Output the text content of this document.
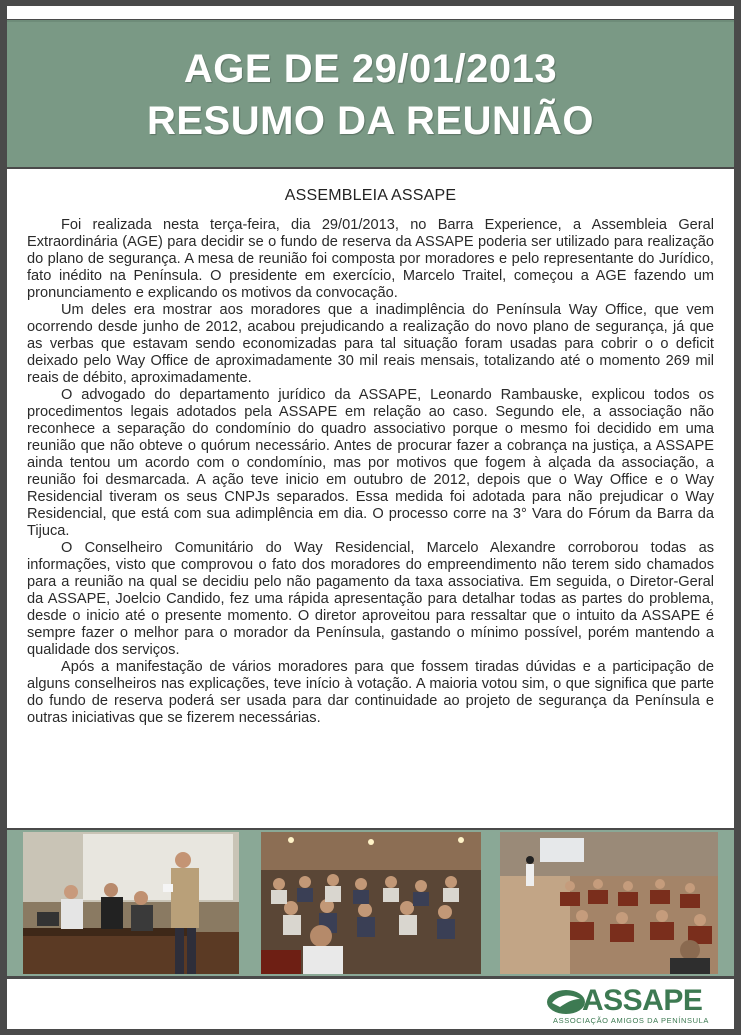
AGE DE 29/01/2013
RESUMO DA REUNIÃO
ASSEMBLEIA ASSAPE

Foi realizada nesta terça-feira, dia 29/01/2013, no Barra Experience, a Assembleia Geral Extraordinária (AGE) para decidir se o fundo de reserva da ASSAPE poderia ser utilizado para realização do plano de segurança. A mesa de reunião foi composta por moradores e pelo representante do Jurídico, fato inédito na Península. O presidente em exercício, Marcelo Traitel, começou a AGE fazendo um pronunciamento e explicando os motivos da convocação.

Um deles era mostrar aos moradores que a inadimplência do Península Way Office, que vem ocorrendo desde junho de 2012, acabou prejudicando a realização do novo plano de segurança, já que as verbas que estavam sendo economizadas para tal situação foram usadas para cobrir o o deficit deixado pelo Way Office de aproximadamente 30 mil reais mensais, totalizando até o momento 269 mil reais de débito, aproximadamente.

O advogado do departamento jurídico da ASSAPE, Leonardo Rambauske, explicou todos os procedimentos legais adotados pela ASSAPE em relação ao caso. Segundo ele, a associação não reconhece a separação do condomínio do quadro associativo porque o mesmo foi decidido em uma reunião que não obteve o quórum necessário. Antes de procurar fazer a cobrança na justiça, a ASSAPE ainda tentou um acordo com o condomínio, mas por motivos que fogem à alçada da associação, a reunião foi desmarcada. A ação teve inicio em outubro de 2012, depois que o Way Office e o Way Residencial tiveram os seus CNPJs separados. Essa medida foi adotada para não prejudicar o Way Residencial, que está com sua adimplência em dia. O processo corre na 3° Vara do Fórum da Barra da Tijuca.

O Conselheiro Comunitário do Way Residencial, Marcelo Alexandre corroborou todas as informações, visto que comprovou o fato dos moradores do empreendimento não terem sido chamados para a reunião na qual se decidiu pelo não pagamento da taxa associativa. Em seguida, o Diretor-Geral da ASSAPE, Joelcio Candido, fez uma rápida apresentação para detalhar todas as partes do problema, desde o inicio até o presente momento. O diretor aproveitou para ressaltar que o intuito da ASSAPE é sempre fazer o melhor para o morador da Península, gastando o mínimo possível, porém mantendo a qualidade dos serviços.

Após a manifestação de vários moradores para que fossem tiradas dúvidas e a participação de alguns conselheiros nas explicações, teve início à votação. A maioria votou sim, o que significa que parte do fundo de reserva poderá ser usada para dar continuidade ao projeto de segurança da Península e outras iniciativas que se fizerem necessárias.

ASSAPE
ASSOCIAÇÃO AMIGOS DA PENÍNSULA
